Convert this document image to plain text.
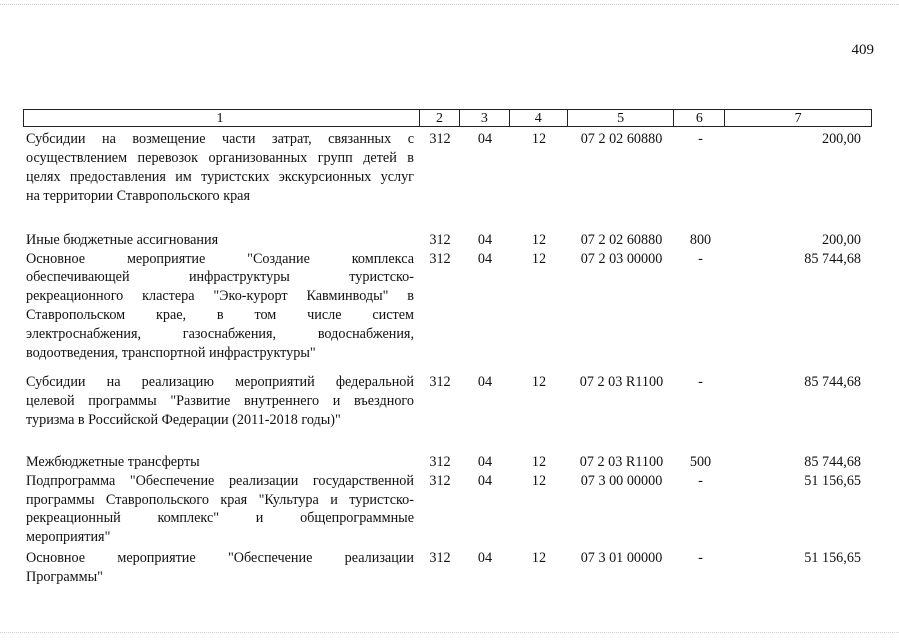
409
1	2	3	4	5	6	7
Субсидии на возмещение части затрат, связанных с
осуществлением перевозок организованных групп детей в
целях предоставления им туристских экскурсионных услуг
на территории Ставропольского края
312	04	12	07 2 02 60880	-	200,00
Иные бюджетные ассигнования	312	04	12	07 2 02 60880	800	200,00
Основное мероприятие "Создание комплекса
обеспечивающей инфраструктуры туристско-
рекреационного кластера "Эко-курорт Кавминводы" в
Ставропольском крае, в том числе систем
электроснабжения, газоснабжения, водоснабжения,
водоотведения, транспортной инфраструктуры"
312	04	12	07 2 03 00000	-	85 744,68
Субсидии на реализацию мероприятий федеральной
целевой программы "Развитие внутреннего и въездного
туризма в Российской Федерации (2011-2018 годы)"
312	04	12	07 2 03 R1100	-	85 744,68
Межбюджетные трансферты	312	04	12	07 2 03 R1100	500	85 744,68
Подпрограмма "Обеспечение реализации государственной
программы Ставропольского края "Культура и туристско-
рекреационный комплекс" и общепрограммные
мероприятия"
312	04	12	07 3 00 00000	-	51 156,65
Основное мероприятие "Обеспечение реализации
Программы"
312	04	12	07 3 01 00000	-	51 156,65
